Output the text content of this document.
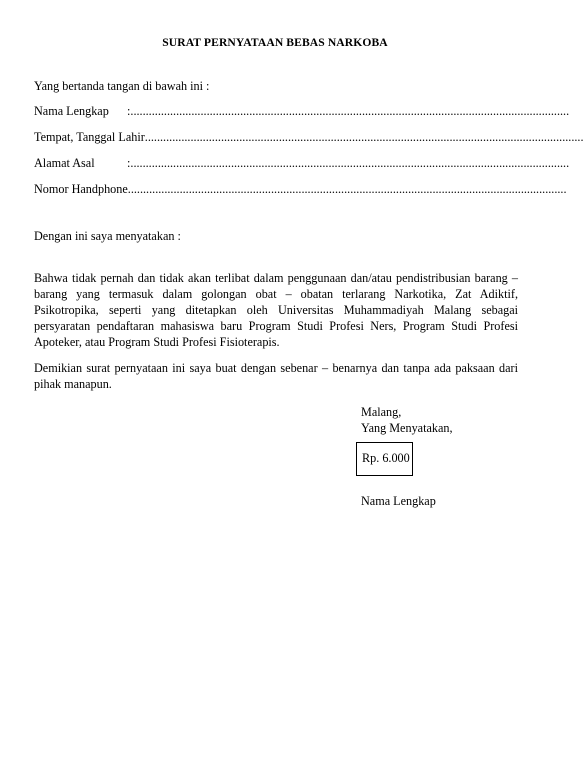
SURAT PERNYATAAN BEBAS NARKOBA
Yang bertanda tangan di bawah ini :
Nama Lengkap	: ................................................................................................................................................
Tempat, Tanggal Lahir ................................................................................................................................................
Alamat Asal	: ................................................................................................................................................
Nomor Handphone ................................................................................................................................................
Dengan ini saya menyatakan :
Bahwa tidak pernah dan tidak akan terlibat dalam penggunaan dan/atau pendistribusian barang – barang yang termasuk dalam golongan obat – obatan terlarang Narkotika, Zat Adiktif, Psikotropika, seperti yang ditetapkan oleh Universitas Muhammadiyah Malang sebagai persyaratan pendaftaran mahasiswa baru Program Studi Profesi Ners, Program Studi Profesi Apoteker, atau Program Studi Profesi Fisioterapis.
Demikian surat pernyataan ini saya buat dengan sebenar – benarnya dan tanpa ada paksaan dari pihak manapun.
Malang,
Yang Menyatakan,
Rp. 6.000
Nama Lengkap
